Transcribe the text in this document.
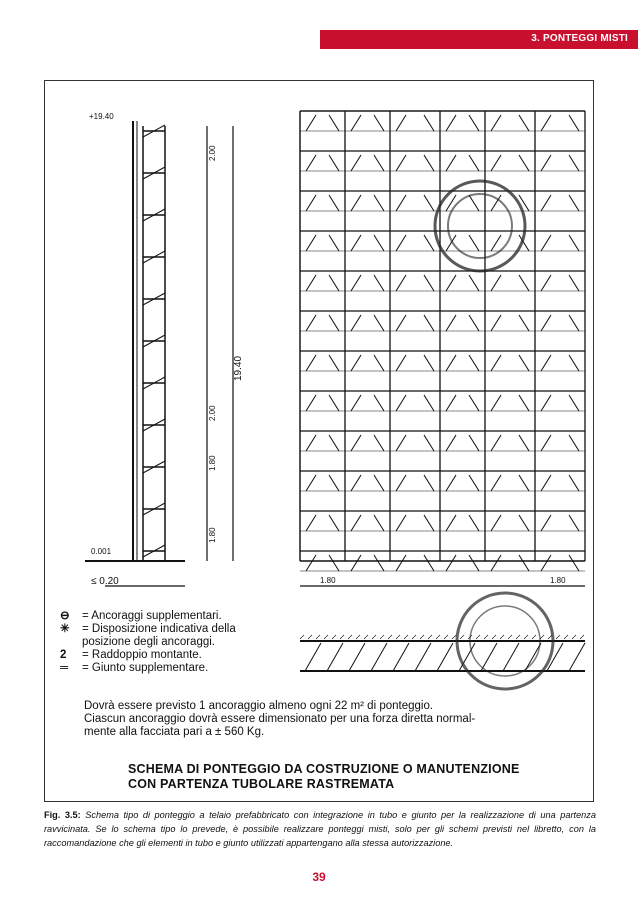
3. PONTEGGI MISTI
+19.40
0.001
≤ 0.20
19.40
2.00
2.00
1.80
1.80
1.80	1.80
⊖	= Ancoraggi supplementari.
✳	= Disposizione indicativa della
posizione degli ancoraggi.
2	= Raddoppio montante.
═	= Giunto supplementare.
Dovrà essere previsto 1 ancoraggio almeno ogni 22 m² di ponteggio.
Ciascun ancoraggio dovrà essere dimensionato per una forza diretta normal-
mente alla facciata pari a ± 560 Kg.
SCHEMA DI PONTEGGIO DA COSTRUZIONE O MANUTENZIONE
CON PARTENZA TUBOLARE RASTREMATA
Fig. 3.5: Schema tipo di ponteggio a telaio prefabbricato con integrazione in tubo e giunto per la realizzazione di una partenza ravvicinata. Se lo schema tipo lo prevede, è possibile realizzare ponteggi misti, solo per gli schemi previsti nel libretto, con la raccomandazione che gli elementi in tubo e giunto utilizzati appartengano alla stessa autorizzazione.
39
